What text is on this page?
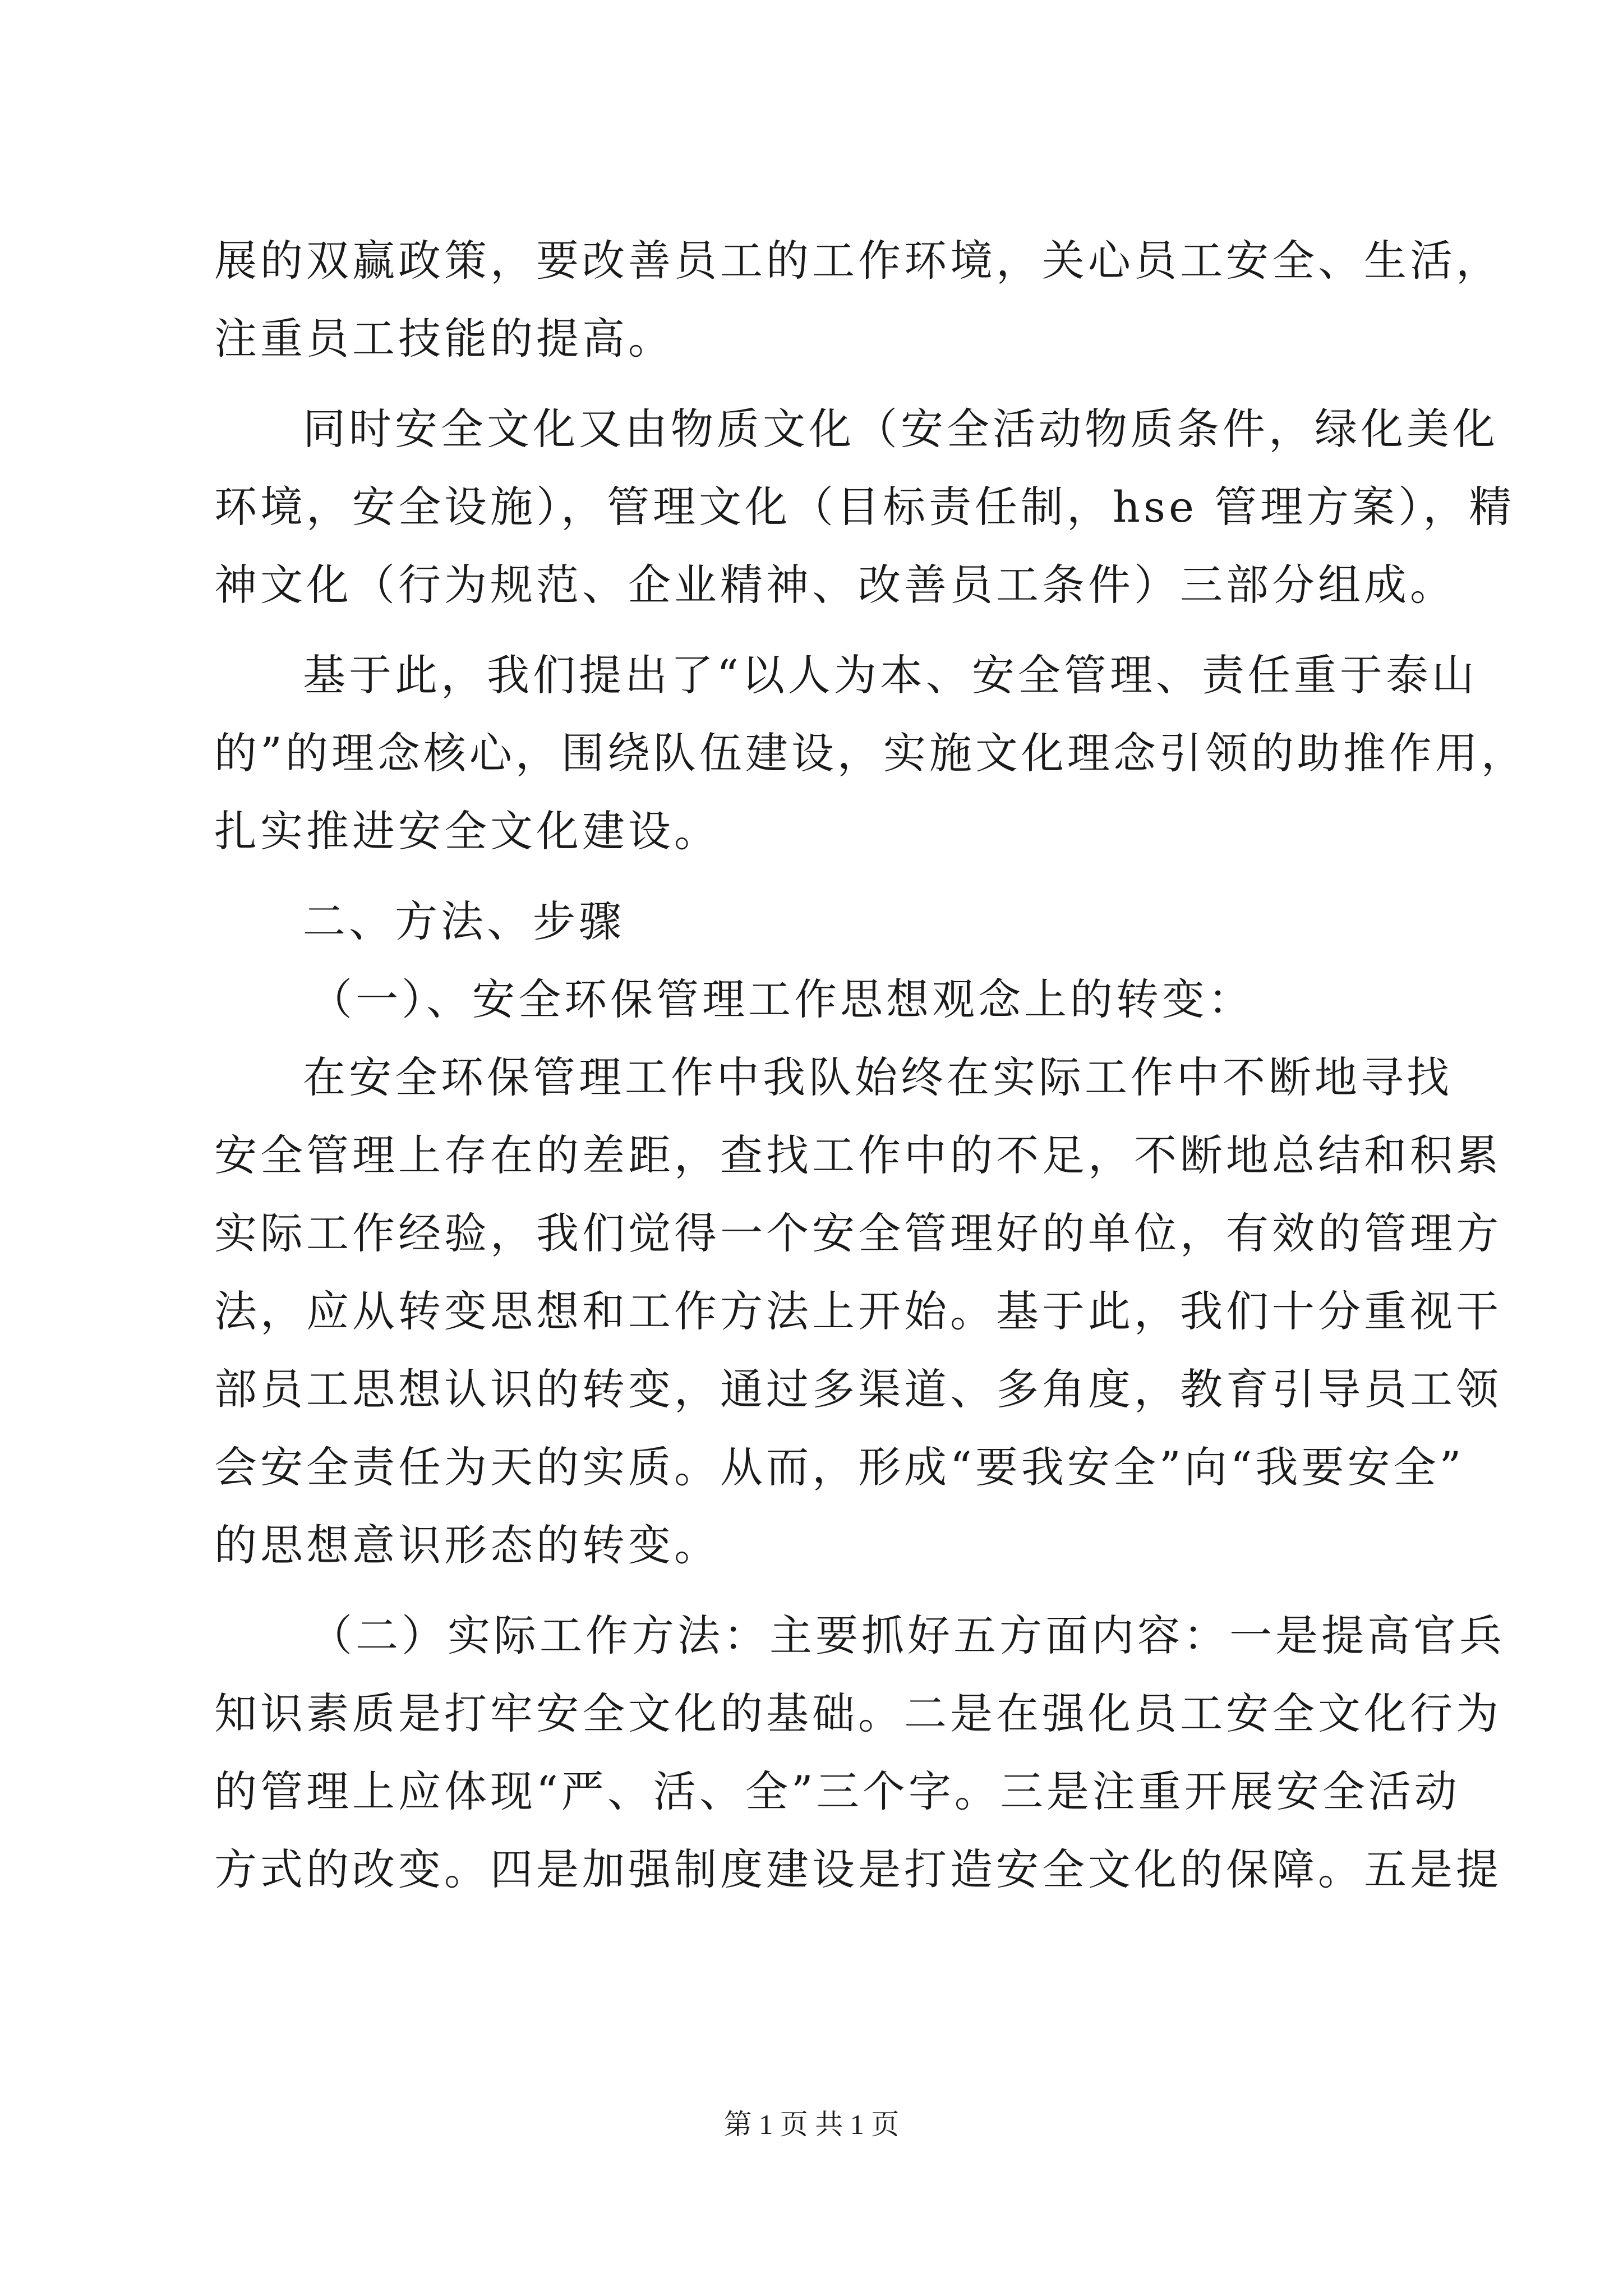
展的双赢政策，要改善员工的工作环境，关心员工安全、生活，
注重员工技能的提高。
同时安全文化又由物质文化（安全活动物质条件，绿化美化
环境，安全设施），管理文化（目标责任制，hse 管理方案），精
神文化（行为规范、企业精神、改善员工条件）三部分组成。
基于此，我们提出了“以人为本、安全管理、责任重于泰山
的”的理念核心，围绕队伍建设，实施文化理念引领的助推作用，
扎实推进安全文化建设。
二、方法、步骤
（一）、安全环保管理工作思想观念上的转变：
在安全环保管理工作中我队始终在实际工作中不断地寻找
安全管理上存在的差距，查找工作中的不足，不断地总结和积累
实际工作经验，我们觉得一个安全管理好的单位，有效的管理方
法，应从转变思想和工作方法上开始。基于此，我们十分重视干
部员工思想认识的转变，通过多渠道、多角度，教育引导员工领
会安全责任为天的实质。从而，形成“要我安全”向“我要安全”
的思想意识形态的转变。
（二）实际工作方法：主要抓好五方面内容：一是提高官兵
知识素质是打牢安全文化的基础。二是在强化员工安全文化行为
的管理上应体现“严、活、全”三个字。三是注重开展安全活动
方式的改变。四是加强制度建设是打造安全文化的保障。五是提
第 1 页 共 1 页
